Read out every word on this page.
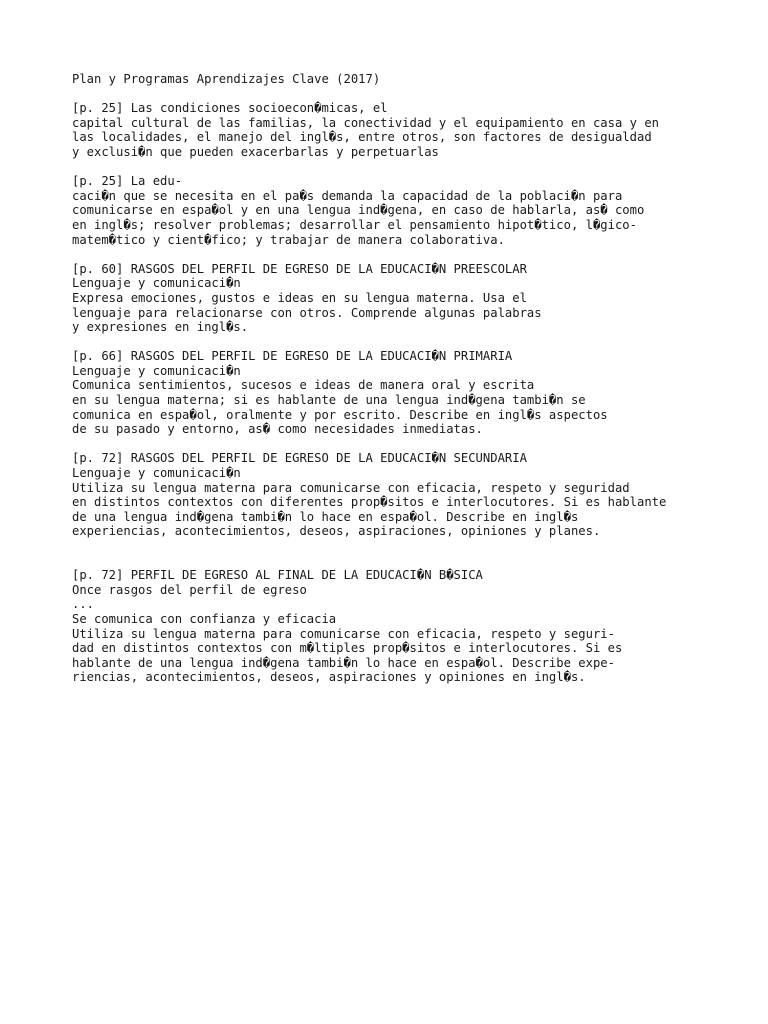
Plan y Programas Aprendizajes Clave (2017)
[p. 25] Las condiciones socioecon�micas, el
capital cultural de las familias, la conectividad y el equipamiento en casa y en
las localidades, el manejo del ingl�s, entre otros, son factores de desigualdad
y exclusi�n que pueden exacerbarlas y perpetuarlas
[p. 25] La edu-
caci�n que se necesita en el pa�s demanda la capacidad de la poblaci�n para
comunicarse en espa�ol y en una lengua ind�gena, en caso de hablarla, as� como
en ingl�s; resolver problemas; desarrollar el pensamiento hipot�tico, l�gico-
matem�tico y cient�fico; y trabajar de manera colaborativa.
[p. 60] RASGOS DEL PERFIL DE EGRESO DE LA EDUCACI�N PREESCOLAR
Lenguaje y comunicaci�n
Expresa emociones, gustos e ideas en su lengua materna. Usa el
lenguaje para relacionarse con otros. Comprende algunas palabras
y expresiones en ingl�s.
[p. 66] RASGOS DEL PERFIL DE EGRESO DE LA EDUCACI�N PRIMARIA
Lenguaje y comunicaci�n
Comunica sentimientos, sucesos e ideas de manera oral y escrita
en su lengua materna; si es hablante de una lengua ind�gena tambi�n se
comunica en espa�ol, oralmente y por escrito. Describe en ingl�s aspectos
de su pasado y entorno, as� como necesidades inmediatas.
[p. 72] RASGOS DEL PERFIL DE EGRESO DE LA EDUCACI�N SECUNDARIA
Lenguaje y comunicaci�n
Utiliza su lengua materna para comunicarse con eficacia, respeto y seguridad
en distintos contextos con diferentes prop�sitos e interlocutores. Si es hablante
de una lengua ind�gena tambi�n lo hace en espa�ol. Describe en ingl�s
experiencias, acontecimientos, deseos, aspiraciones, opiniones y planes.
[p. 72] PERFIL DE EGRESO AL FINAL DE LA EDUCACI�N B�SICA
Once rasgos del perfil de egreso
...
Se comunica con confianza y eficacia
Utiliza su lengua materna para comunicarse con eficacia, respeto y seguri-
dad en distintos contextos con m�ltiples prop�sitos e interlocutores. Si es
hablante de una lengua ind�gena tambi�n lo hace en espa�ol. Describe expe-
riencias, acontecimientos, deseos, aspiraciones y opiniones en ingl�s.
